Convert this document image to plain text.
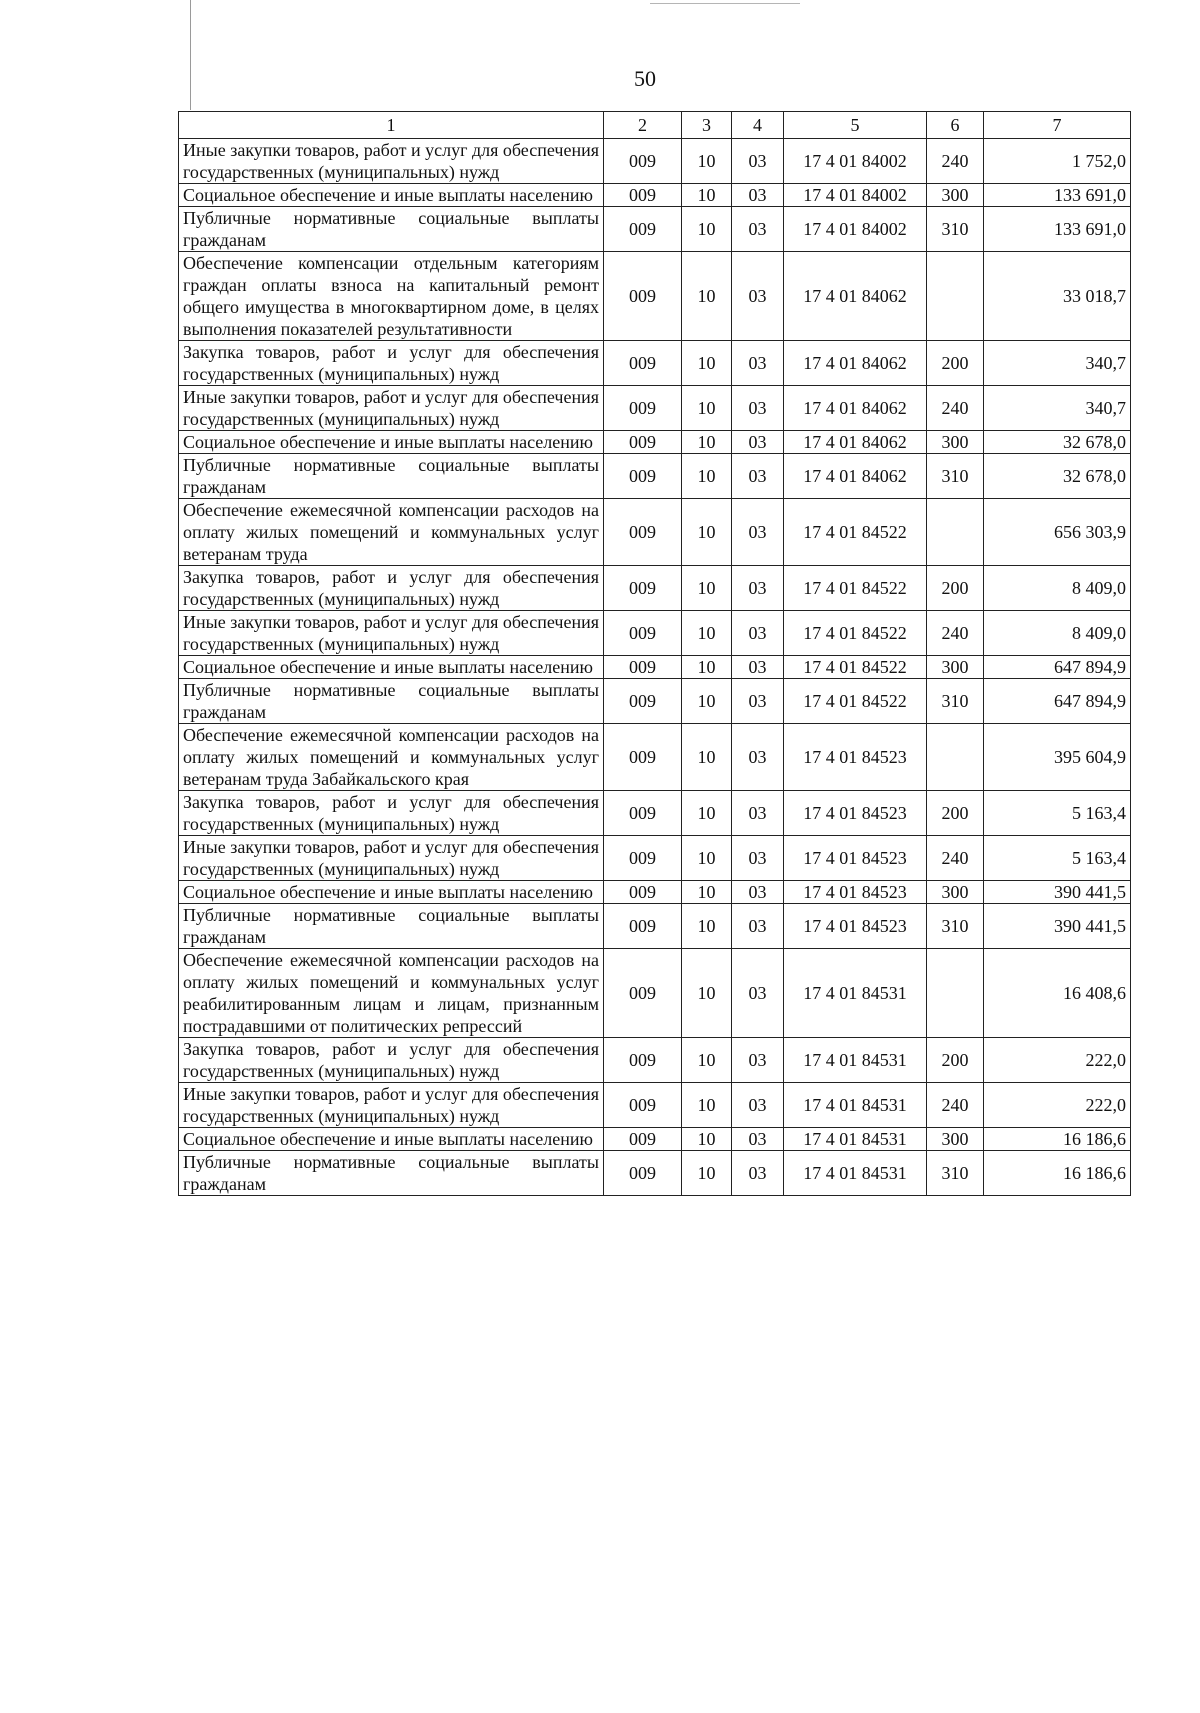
50
1	2	3	4	5	6	7
Иные закупки товаров, работ и услуг для обеспечения государственных (муниципальных) нужд	009	10	03	17 4 01 84002	240	1 752,0
Социальное обеспечение и иные выплаты населению	009	10	03	17 4 01 84002	300	133 691,0
Публичные нормативные социальные выплаты гражданам	009	10	03	17 4 01 84002	310	133 691,0
Обеспечение компенсации отдельным категориям граждан оплаты взноса на капитальный ремонт общего имущества в многоквартирном доме, в целях выполнения показателей результативности	009	10	03	17 4 01 84062		33 018,7
Закупка товаров, работ и услуг для обеспечения государственных (муниципальных) нужд	009	10	03	17 4 01 84062	200	340,7
Иные закупки товаров, работ и услуг для обеспечения государственных (муниципальных) нужд	009	10	03	17 4 01 84062	240	340,7
Социальное обеспечение и иные выплаты населению	009	10	03	17 4 01 84062	300	32 678,0
Публичные нормативные социальные выплаты гражданам	009	10	03	17 4 01 84062	310	32 678,0
Обеспечение ежемесячной компенсации расходов на оплату жилых помещений и коммунальных услуг ветеранам труда	009	10	03	17 4 01 84522		656 303,9
Закупка товаров, работ и услуг для обеспечения государственных (муниципальных) нужд	009	10	03	17 4 01 84522	200	8 409,0
Иные закупки товаров, работ и услуг для обеспечения государственных (муниципальных) нужд	009	10	03	17 4 01 84522	240	8 409,0
Социальное обеспечение и иные выплаты населению	009	10	03	17 4 01 84522	300	647 894,9
Публичные нормативные социальные выплаты гражданам	009	10	03	17 4 01 84522	310	647 894,9
Обеспечение ежемесячной компенсации расходов на оплату жилых помещений и коммунальных услуг ветеранам труда Забайкальского края	009	10	03	17 4 01 84523		395 604,9
Закупка товаров, работ и услуг для обеспечения государственных (муниципальных) нужд	009	10	03	17 4 01 84523	200	5 163,4
Иные закупки товаров, работ и услуг для обеспечения государственных (муниципальных) нужд	009	10	03	17 4 01 84523	240	5 163,4
Социальное обеспечение и иные выплаты населению	009	10	03	17 4 01 84523	300	390 441,5
Публичные нормативные социальные выплаты гражданам	009	10	03	17 4 01 84523	310	390 441,5
Обеспечение ежемесячной компенсации расходов на оплату жилых помещений и коммунальных услуг реабилитированным лицам и лицам, признанным пострадавшими от политических репрессий	009	10	03	17 4 01 84531		16 408,6
Закупка товаров, работ и услуг для обеспечения государственных (муниципальных) нужд	009	10	03	17 4 01 84531	200	222,0
Иные закупки товаров, работ и услуг для обеспечения государственных (муниципальных) нужд	009	10	03	17 4 01 84531	240	222,0
Социальное обеспечение и иные выплаты населению	009	10	03	17 4 01 84531	300	16 186,6
Публичные нормативные социальные выплаты гражданам	009	10	03	17 4 01 84531	310	16 186,6
